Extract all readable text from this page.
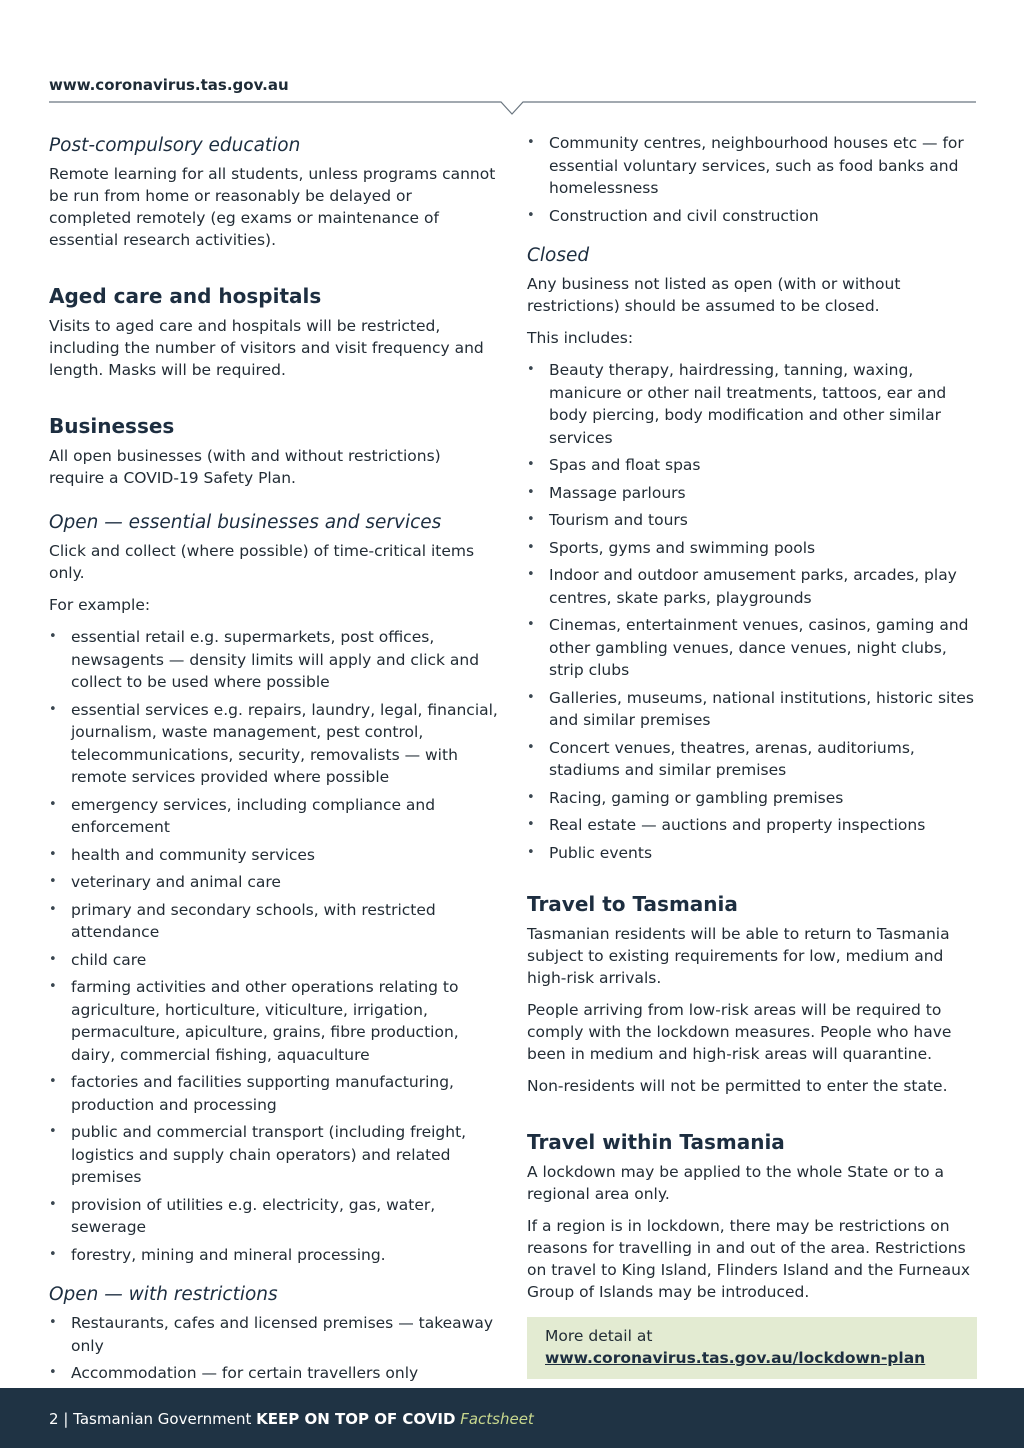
www.coronavirus.tas.gov.au
Post-compulsory education

Remote learning for all students, unless programs cannot be run from home or reasonably be delayed or completed remotely (eg exams or maintenance of essential research activities).

Aged care and hospitals

Visits to aged care and hospitals will be restricted, including the number of visitors and visit frequency and length. Masks will be required.

Businesses

All open businesses (with and without restrictions) require a COVID-19 Safety Plan.

Open — essential businesses and services

Click and collect (where possible) of time-critical items only.

For example:

• essential retail e.g. supermarkets, post offices, newsagents — density limits will apply and click and collect to be used where possible
• essential services e.g. repairs, laundry, legal, financial, journalism, waste management, pest control, telecommunications, security, removalists — with remote services provided where possible
• emergency services, including compliance and enforcement
• health and community services
• veterinary and animal care
• primary and secondary schools, with restricted attendance
• child care
• farming activities and other operations relating to agriculture, horticulture, viticulture, irrigation, permaculture, apiculture, grains, fibre production, dairy, commercial fishing, aquaculture
• factories and facilities supporting manufacturing, production and processing
• public and commercial transport (including freight, logistics and supply chain operators) and related premises
• provision of utilities e.g. electricity, gas, water, sewerage
• forestry, mining and mineral processing.
Open — with restrictions
• Restaurants, cafes and licensed premises — takeaway only
• Accommodation — for certain travellers only
• Community centres, neighbourhood houses etc — for essential voluntary services, such as food banks and homelessness
• Construction and civil construction
Closed

Any business not listed as open (with or without restrictions) should be assumed to be closed.

This includes:

• Beauty therapy, hairdressing, tanning, waxing, manicure or other nail treatments, tattoos, ear and body piercing, body modification and other similar services
• Spas and float spas
• Massage parlours
• Tourism and tours
• Sports, gyms and swimming pools
• Indoor and outdoor amusement parks, arcades, play centres, skate parks, playgrounds
• Cinemas, entertainment venues, casinos, gaming and other gambling venues, dance venues, night clubs, strip clubs
• Galleries, museums, national institutions, historic sites and similar premises
• Concert venues, theatres, arenas, auditoriums, stadiums and similar premises
• Racing, gaming or gambling premises
• Real estate — auctions and property inspections
• Public events
Travel to Tasmania

Tasmanian residents will be able to return to Tasmania subject to existing requirements for low, medium and high-risk arrivals.

People arriving from low-risk areas will be required to comply with the lockdown measures. People who have been in medium and high-risk areas will quarantine.

Non-residents will not be permitted to enter the state.

Travel within Tasmania

A lockdown may be applied to the whole State or to a regional area only.

If a region is in lockdown, there may be restrictions on reasons for travelling in and out of the area. Restrictions on travel to King Island, Flinders Island and the Furneaux Group of Islands may be introduced.

More detail at www.coronavirus.tas.gov.au/lockdown-plan
2 | Tasmanian Government KEEP ON TOP OF COVID Factsheet
